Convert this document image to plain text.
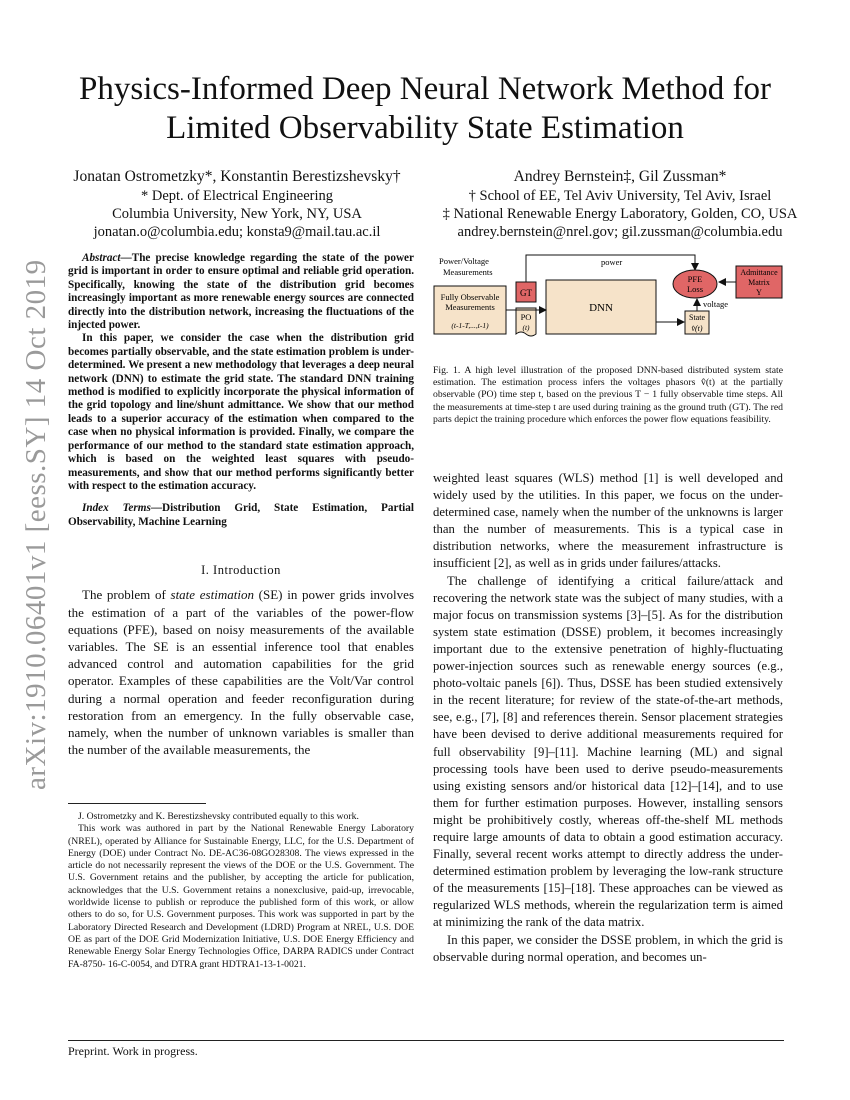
Physics-Informed Deep Neural Network Method for
Limited Observability State Estimation
arXiv:1910.06401v1 [eess.SY] 14 Oct 2019
Jonatan Ostrometzky*, Konstantin Berestizshevsky†
* Dept. of Electrical Engineering
Columbia University, New York, NY, USA
jonatan.o@columbia.edu; konsta9@mail.tau.ac.il
Andrey Bernstein‡, Gil Zussman*
† School of EE, Tel Aviv University, Tel Aviv, Israel
‡ National Renewable Energy Laboratory, Golden, CO, USA
andrey.bernstein@nrel.gov; gil.zussman@columbia.edu

Abstract—The precise knowledge regarding the state of the power grid is important in order to ensure optimal and reliable grid operation. Specifically, knowing the state of the distribution grid becomes increasingly important as more renewable energy sources are connected directly into the distribution network, increasing the fluctuations of the injected power.

In this paper, we consider the case when the distribution grid becomes partially observable, and the state estimation problem is under-determined. We present a new methodology that leverages a deep neural network (DNN) to estimate the grid state. The standard DNN training method is modified to explicitly incorporate the physical information of the grid topology and line/shunt admittance. We show that our method leads to a superior accuracy of the estimation when compared to the case when no physical information is provided. Finally, we compare the performance of our method to the standard state estimation approach, which is based on the weighted least squares with pseudo-measurements, and show that our method performs significantly better with respect to the estimation accuracy.

Index Terms—Distribution Grid, State Estimation, Partial Observability, Machine Learning

I. Introduction

The problem of state estimation (SE) in power grids involves the estimation of a part of the variables of the power-flow equations (PFE), based on noisy measurements of the available variables. The SE is an essential inference tool that enables advanced control and automation capabilities for the grid operator. Examples of these capabilities are the Volt/Var control during a normal operation and feeder reconfiguration during restoration from an emergency. In the fully observable case, namely, when the number of unknown variables is smaller than the number of the available measurements, the

J. Ostrometzky and K. Berestizshevsky contributed equally to this work.

This work was authored in part by the National Renewable Energy Laboratory (NREL), operated by Alliance for Sustainable Energy, LLC, for the U.S. Department of Energy (DOE) under Contract No. DE-AC36-08GO28308. The views expressed in the article do not necessarily represent the views of the DOE or the U.S. Government. The U.S. Government retains and the publisher, by accepting the article for publication, acknowledges that the U.S. Government retains a nonexclusive, paid-up, irrevocable, worldwide license to publish or reproduce the published form of this work, or allow others to do so, for U.S. Government purposes. This work was supported in part by the Laboratory Directed Research and Development (LDRD) Program at NREL, U.S. DOE OE as part of the DOE Grid Modernization Initiative, U.S. DOE Energy Efficiency and Renewable Energy Solar Energy Technologies Office, DARPA RADICS under Contract FA-8750- 16-C-0054, and DTRA grant HDTRA1-13-1-0021.

Power/Voltage
Measurements
Fully Observable
Measurements
(t-1-T,...,t-1)
GT
PO
(t)
DNN
power
PFE
Loss
Admittance
Matrix
Y
State
v̂(t)
voltage
Fig. 1. A high level illustration of the proposed DNN-based distributed system state estimation. The estimation process infers the voltages phasors v̂(t) at the partially observable (PO) time step t, based on the previous T − 1 fully observable time steps. All the measurements at time-step t are used during training as the ground truth (GT). The red parts depict the training procedure which enforces the power flow equations feasibility.

weighted least squares (WLS) method [1] is well developed and widely used by the utilities. In this paper, we focus on the under-determined case, namely when the number of the unknowns is larger than the number of measurements. This is a typical case in distribution networks, where the measurement infrastructure is insufficient [2], as well as in grids under failures/attacks.

The challenge of identifying a critical failure/attack and recovering the network state was the subject of many studies, with a major focus on transmission systems [3]–[5]. As for the distribution system state estimation (DSSE) problem, it becomes increasingly important due to the extensive penetration of highly-fluctuating power-injection sources such as renewable energy sources (e.g., photo-voltaic panels [6]). Thus, DSSE has been studied extensively in the recent literature; for review of the state-of-the-art methods, see, e.g., [7], [8] and references therein. Sensor placement strategies have been devised to derive additional measurements required for full observability [9]–[11]. Machine learning (ML) and signal processing tools have been used to derive pseudo-measurements using existing sensors and/or historical data [12]–[14], and to use them for further estimation purposes. However, installing sensors might be prohibitively costly, whereas off-the-shelf ML methods require large amounts of data to obtain a good estimation accuracy. Finally, several recent works attempt to directly address the under-determined estimation problem by leveraging the low-rank structure of the measurements [15]–[18]. These approaches can be viewed as regularized WLS methods, wherein the regularization term is aimed at minimizing the rank of the data matrix.

In this paper, we consider the DSSE problem, in which the grid is observable during normal operation, and becomes un-

Preprint. Work in progress.
